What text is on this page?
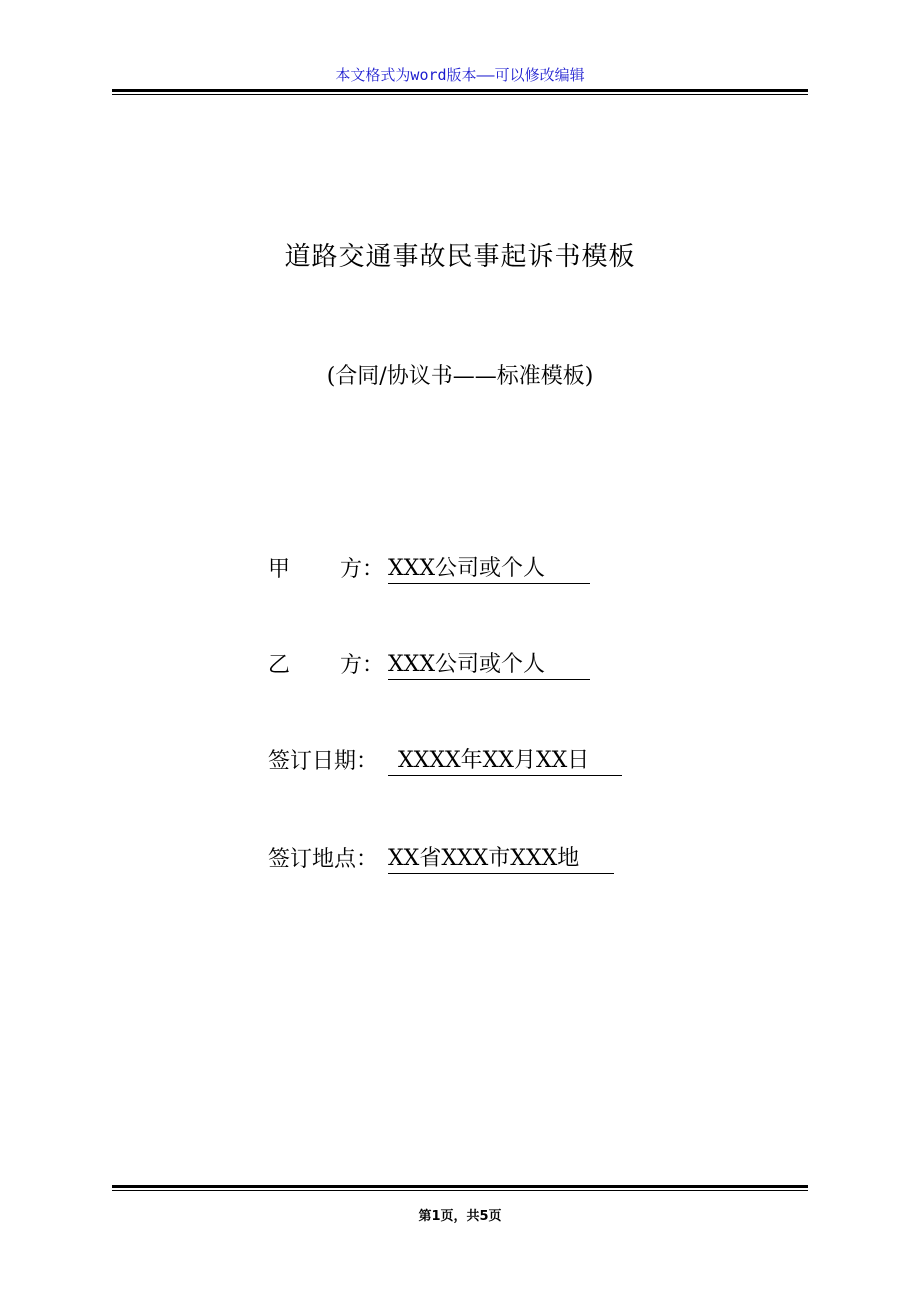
本文格式为word版本——可以修改编辑
道路交通事故民事起诉书模板
(合同/协议书——标准模板)
甲 方： XXX公司或个人
乙 方： XXX公司或个人
签订日期： XXXX年XX月XX日
签订地点： XX省XXX市XXX地
第1页，共5页
